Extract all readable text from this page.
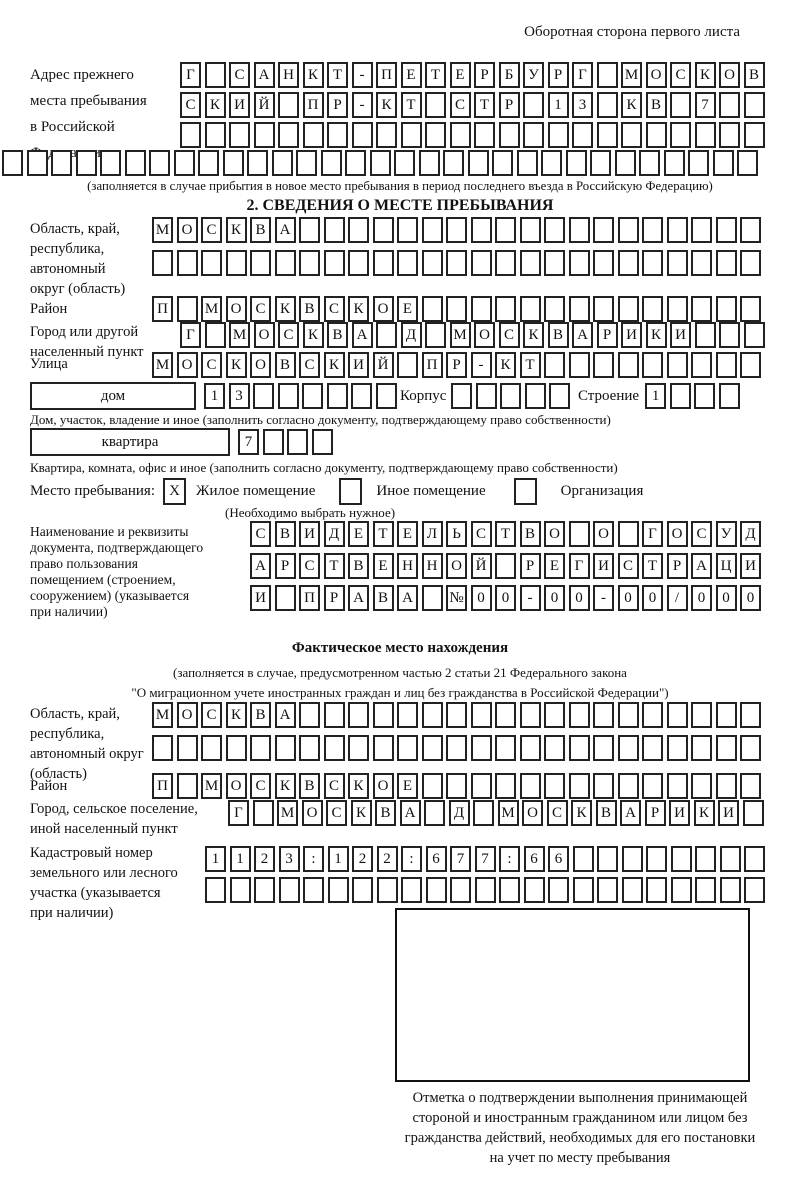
Оборотная сторона первого листа
Адрес прежнего
места пребывания
в Российской
Г	С А Н К Т	-	П Е	Т	Е	Р	Б У	Р	Г	М О С К О В
С К И Й	П Р	-	К Т	С Т	Р	1	3	К В	7
(заполняется в случае прибытия в новое место пребывания в период последнего въезда в Российскую Федерацию)
2. СВЕДЕНИЯ О МЕСТЕ ПРЕБЫВАНИЯ
Область, край,
республика,
автономный
округ (область)
М О С К В А
Район	П	М О С К В С К О Е
Город или другой
населенный пункт
Г	М О С К В А	Д	М О С К В А Р И К И
Улица	М О С К О В С К И Й	П Р	-	К Т
дом	1	3	Корпус	Строение 1
Дом, участок, владение и иное (заполнить согласно документу, подтверждающему право собственности)
квартира	7
Квартира, комната, офис и иное (заполнить согласно документу, подтверждающему право собственности)
Место пребывания: X	Жилое помещение	Иное помещение	Организация
(Необходимо выбрать нужное)
Наименование и реквизиты
документа, подтверждающего
право пользования
помещением (строением,
сооружением) (указывается
при наличии)
С В И Д Е	Т	Е Л	Ь	С Т В О	О	Г О С У Д
А Р	С Т В Е Н Н О Й	Р	Е	Г И С Т	Р А Ц И
И	П Р А В А	№ 0	0	-	0	0	-	0	0	/	0	0	0
Фактическое место нахождения
(заполняется в случае, предусмотренном частью 2 статьи 21 Федерального закона
"О миграционном учете иностранных граждан и лиц без гражданства в Российской Федерации")
Область, край,
республика,
автономный округ
(область)
М О С К В А
Район	П	М О С К В С К О Е
Город, сельское поселение,
иной населенный пункт
Г	М О С К В А	Д	М О С К В А Р И К И
Кадастровый номер
земельного или лесного
участка (указывается
при наличии)
1	1	2	3	:	1	2	2	:	6	7	7	:	6	6
Отметка о подтверждении выполнения принимающей
стороной и иностранным гражданином или лицом без
гражданства действий, необходимых для его постановки
на учет по месту пребывания
